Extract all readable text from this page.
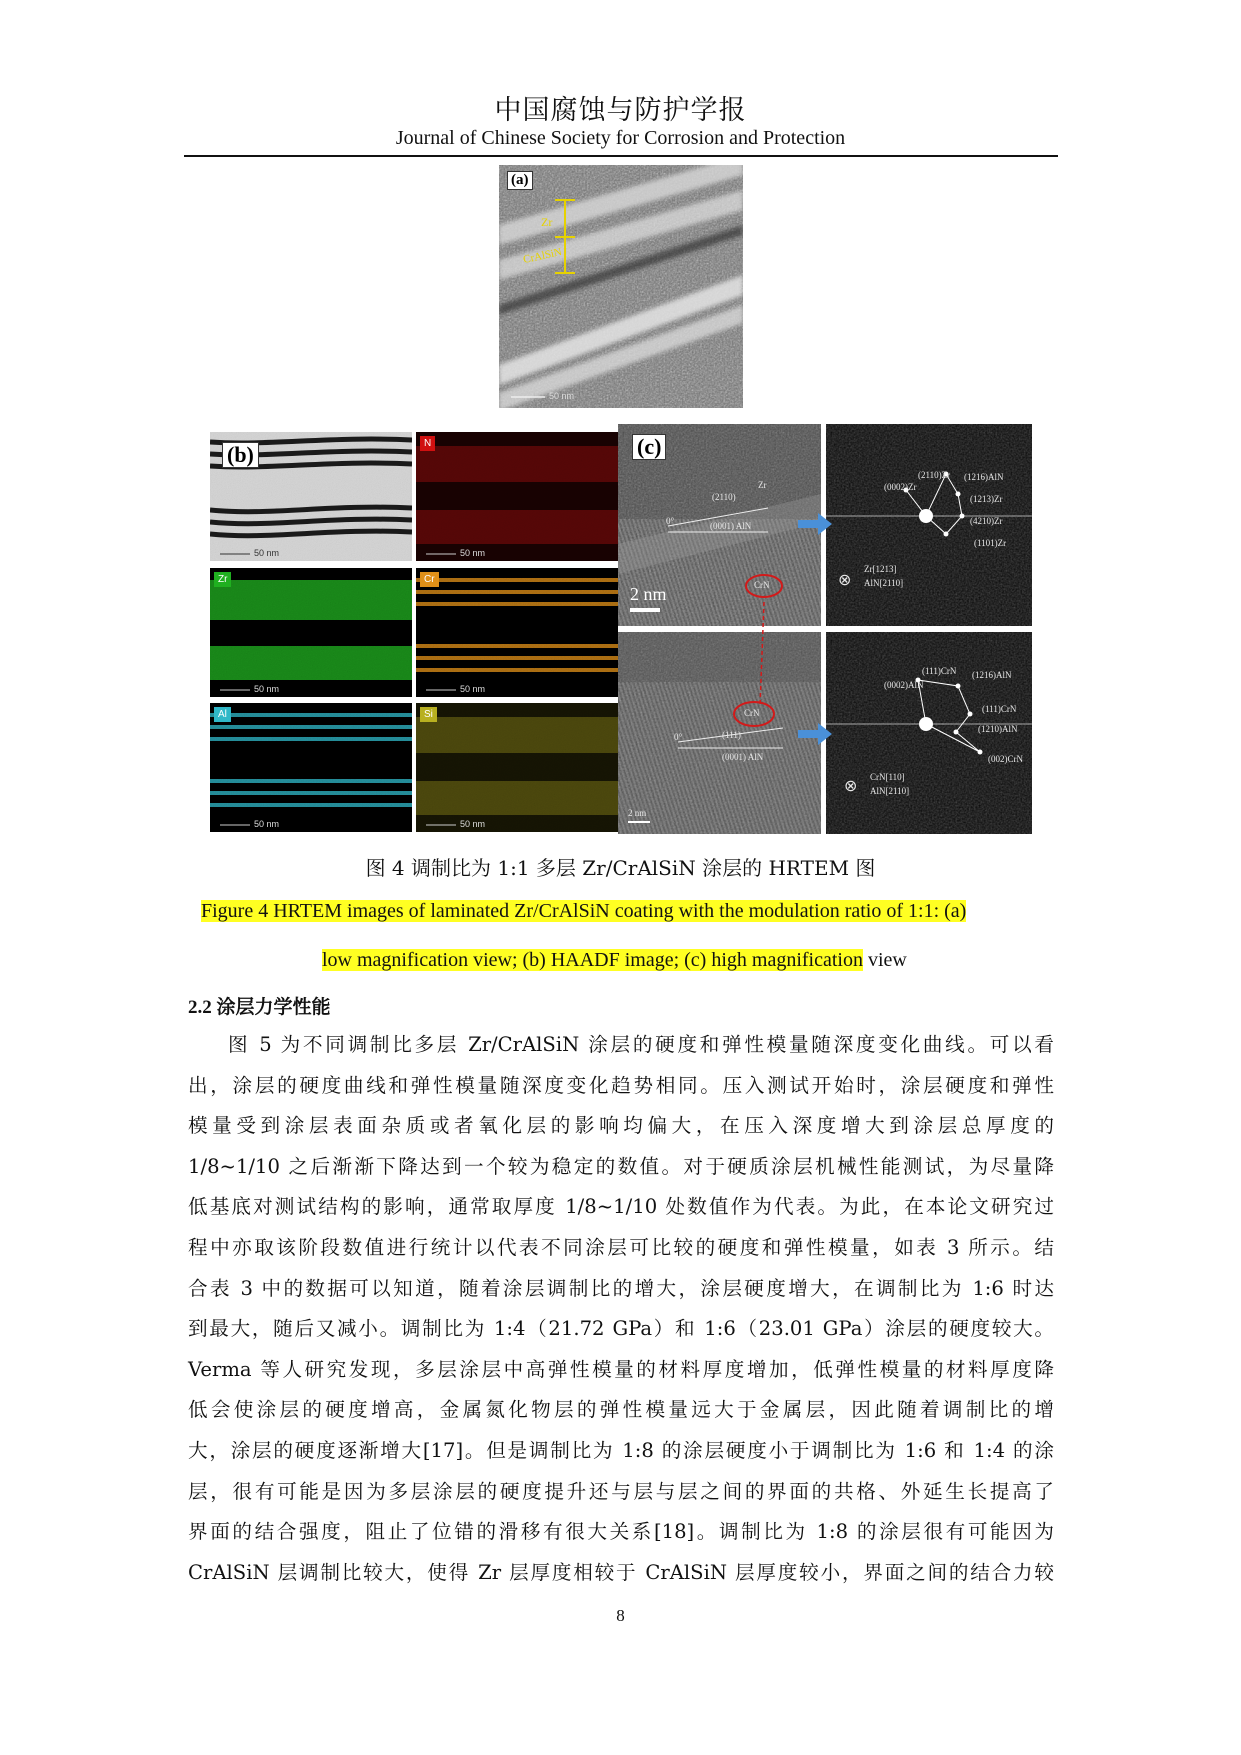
中国腐蚀与防护学报
Journal of Chinese Society for Corrosion and Protection
(a)
Zr
CrAlSiN
50 nm
(b)
50 nm
N
50 nm
Zr
50 nm
Cr
50 nm
Al
50 nm
Si
50 nm
(c)
(2110)
Zr
0°	(0001) AlN
2 nm	CrN
(0002)Zr
(2110)Zr (1216)AlN
(1213)Zr
(4210)Zr
(1101)Zr
⊗
Zr[1213]
AlN[2110]
CrN
0°	(111)
(0001) AlN
2 nm
(0002)AlN
(111)CrN (1216)AlN
(111)CrN
(1210)AlN
(002)CrN
⊗
CrN[110]
AlN[2110]
图 4 调制比为 1:1 多层 Zr/CrAlSiN 涂层的 HRTEM 图
Figure 4 HRTEM images of laminated Zr/CrAlSiN coating with the modulation ratio of 1:1: (a)
low magnification view; (b) HAADF image; (c) high magnification view
2.2 涂层力学性能
图 5 为不同调制比多层 Zr/CrAlSiN 涂层的硬度和弹性模量随深度变化曲线。可以看
出，涂层的硬度曲线和弹性模量随深度变化趋势相同。压入测试开始时，涂层硬度和弹性
模量受到涂层表面杂质或者氧化层的影响均偏大，在压入深度增大到涂层总厚度的
1/8~1/10 之后渐渐下降达到一个较为稳定的数值。对于硬质涂层机械性能测试，为尽量降
低基底对测试结构的影响，通常取厚度 1/8~1/10 处数值作为代表。为此，在本论文研究过
程中亦取该阶段数值进行统计以代表不同涂层可比较的硬度和弹性模量，如表 3 所示。结
合表 3 中的数据可以知道，随着涂层调制比的增大，涂层硬度增大，在调制比为 1:6 时达
到最大，随后又减小。调制比为 1:4（21.72 GPa）和 1:6（23.01 GPa）涂层的硬度较大。
Verma 等人研究发现，多层涂层中高弹性模量的材料厚度增加，低弹性模量的材料厚度降
低会使涂层的硬度增高，金属氮化物层的弹性模量远大于金属层，因此随着调制比的增
大，涂层的硬度逐渐增大[17]。但是调制比为 1:8 的涂层硬度小于调制比为 1:6 和 1:4 的涂
层，很有可能是因为多层涂层的硬度提升还与层与层之间的界面的共格、外延生长提高了
界面的结合强度，阻止了位错的滑移有很大关系[18]。调制比为 1:8 的涂层很有可能因为
CrAlSiN 层调制比较大，使得 Zr 层厚度相较于 CrAlSiN 层厚度较小，界面之间的结合力较
8
